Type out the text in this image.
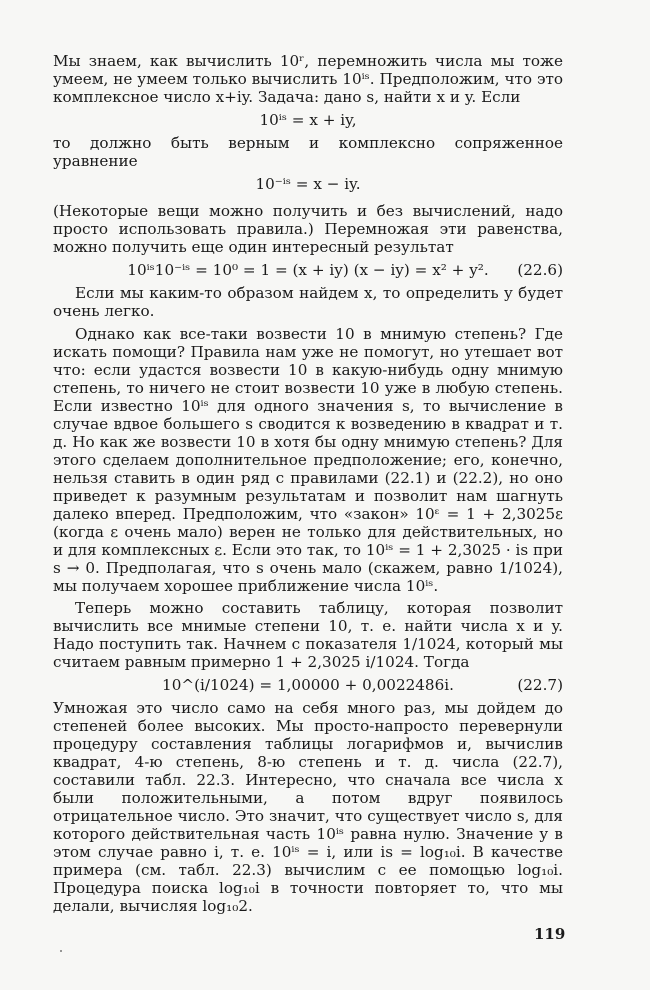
Мы знаем, как вычислить 10ʳ, перемножить числа мы тоже умеем, не умеем только вычислить 10ⁱˢ. Предположим, что это комплексное число x+iy. Задача: дано s, найти x и y. Если

10ⁱˢ = x + iy,

то должно быть верным и комплексно сопряженное уравнение

10⁻ⁱˢ = x − iy.

(Некоторые вещи можно получить и без вычислений, надо просто использовать правила.) Перемножая эти равенства, можно получить еще один интересный результат

10ⁱˢ10⁻ⁱˢ = 10⁰ = 1 = (x + iy) (x − iy) = x² + y². (22.6)

Если мы каким-то образом найдем x, то определить y будет очень легко.

Однако как все-таки возвести 10 в мнимую степень? Где искать помощи? Правила нам уже не помогут, но утешает вот что: если удастся возвести 10 в какую-нибудь одну мнимую степень, то ничего не стоит возвести 10 уже в любую степень. Если известно 10ⁱˢ для одного значения s, то вычисление в случае вдвое большего s сводится к возведению в квадрат и т. д. Но как же возвести 10 в хотя бы одну мнимую степень? Для этого сделаем дополнительное предположение; его, конечно, нельзя ставить в один ряд с правилами (22.1) и (22.2), но оно приведет к разумным результатам и позволит нам шагнуть далеко вперед. Предположим, что «закон» 10ᵋ = 1 + 2,3025ε (когда ε очень мало) верен не только для действительных, но и для комплексных ε. Если это так, то 10ⁱˢ = 1 + 2,3025 · is при s → 0. Предполагая, что s очень мало (скажем, равно 1/1024), мы получаем хорошее приближение числа 10ⁱˢ.

Теперь можно составить таблицу, которая позволит вычислить все мнимые степени 10, т. е. найти числа x и y. Надо поступить так. Начнем с показателя 1/1024, который мы считаем равным примерно 1 + 2,3025 i/1024. Тогда

10^(i/1024) = 1,00000 + 0,0022486i.	(22.7)

Умножая это число само на себя много раз, мы дойдем до степеней более высоких. Мы просто-напросто перевернули процедуру составления таблицы логарифмов и, вычислив квадрат, 4-ю степень, 8-ю степень и т. д. числа (22.7), составили табл. 22.3. Интересно, что сначала все числа x были положительными, а потом вдруг появилось отрицательное число. Это значит, что существует число s, для которого действительная часть 10ⁱˢ равна нулю. Значение y в этом случае равно i, т. е. 10ⁱˢ = i, или is = log₁₀i. В качестве примера (см. табл. 22.3) вычислим с ее помощью log₁₀i. Процедура поиска log₁₀i в точности повторяет то, что мы делали, вычисляя log₁₀2.

119
